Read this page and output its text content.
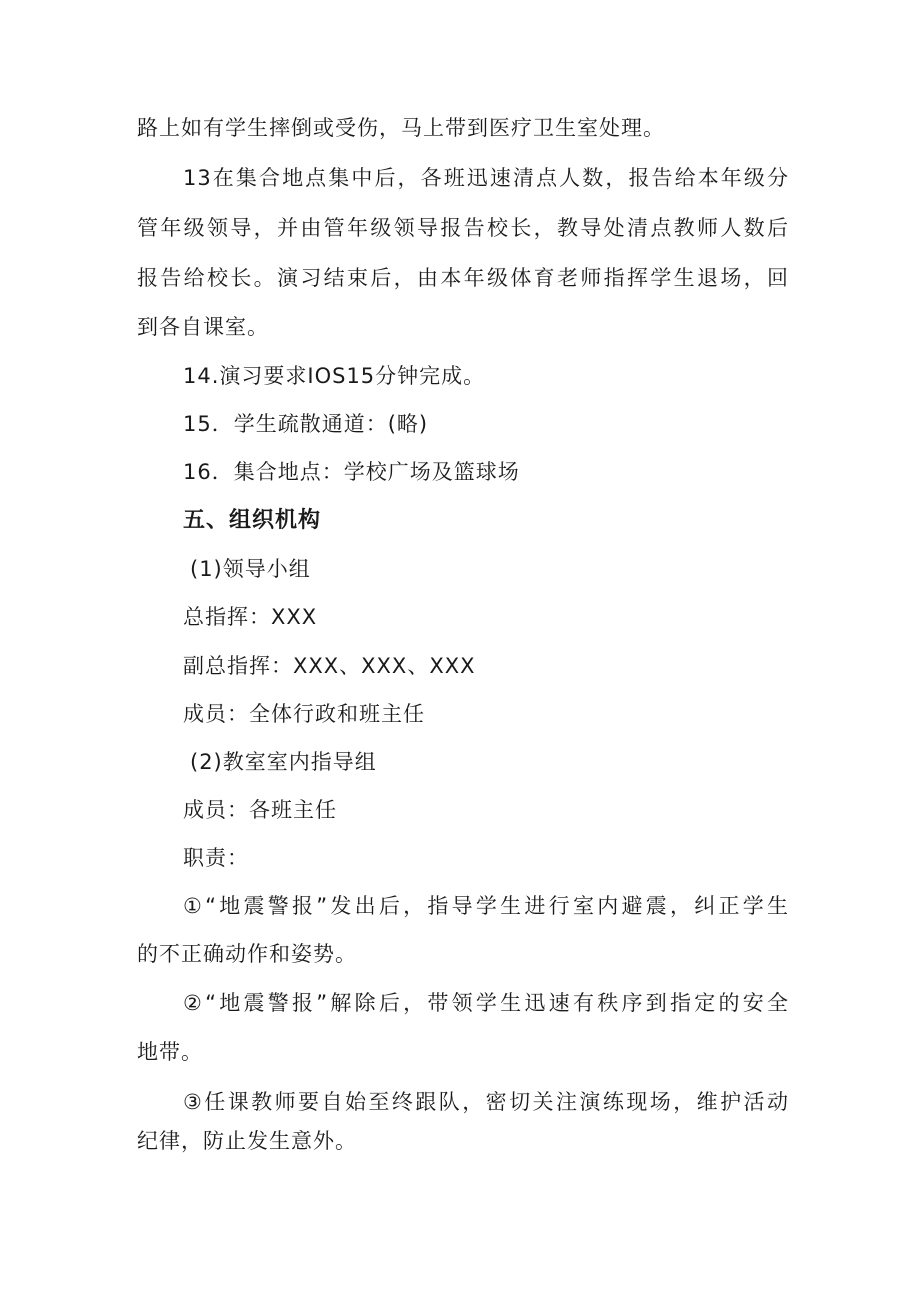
路上如有学生摔倒或受伤，马上带到医疗卫生室处理。
13在集合地点集中后，各班迅速清点人数，报告给本年级分
管年级领导，并由管年级领导报告校长，教导处清点教师人数后
报告给校长。演习结束后，由本年级体育老师指挥学生退场，回
到各自课室。
14.演习要求IOS15分钟完成。
15．学生疏散通道：(略)
16．集合地点：学校广场及篮球场
五、组织机构
(1)领导小组
总指挥：XXX
副总指挥：XXX、XXX、XXX
成员：全体行政和班主任
(2)教室室内指导组
成员：各班主任
职责：
①“地震警报”发出后，指导学生进行室内避震，纠正学生
的不正确动作和姿势。
②“地震警报”解除后，带领学生迅速有秩序到指定的安全
地带。
③任课教师要自始至终跟队，密切关注演练现场，维护活动
纪律，防止发生意外。
